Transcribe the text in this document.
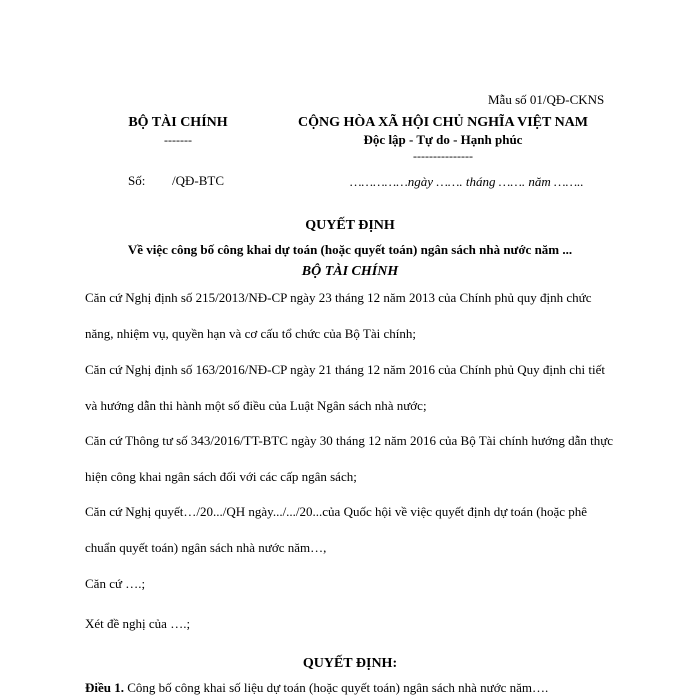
Mẫu số 01/QĐ-CKNS
BỘ TÀI CHÍNH
-------
CỘNG HÒA XÃ HỘI CHỦ NGHĨA VIỆT NAM
Độc lập - Tự do - Hạnh phúc
---------------
Số: /QĐ-BTC	……………ngày ……. tháng ……. năm ……..
QUYẾT ĐỊNH
Về việc công bố công khai dự toán (hoặc quyết toán) ngân sách nhà nước năm ...
BỘ TÀI CHÍNH
Căn cứ Nghị định số 215/2013/NĐ-CP ngày 23 tháng 12 năm 2013 của Chính phủ quy định chức năng, nhiệm vụ, quyền hạn và cơ cấu tổ chức của Bộ Tài chính;
Căn cứ Nghị định số 163/2016/NĐ-CP ngày 21 tháng 12 năm 2016 của Chính phủ Quy định chi tiết và hướng dẫn thi hành một số điều của Luật Ngân sách nhà nước;
Căn cứ Thông tư số 343/2016/TT-BTC ngày 30 tháng 12 năm 2016 của Bộ Tài chính hướng dẫn thực hiện công khai ngân sách đối với các cấp ngân sách;
Căn cứ Nghị quyết…/20.../QH ngày.../.../20...của Quốc hội về việc quyết định dự toán (hoặc phê chuẩn quyết toán) ngân sách nhà nước năm…,
Căn cứ ….;
Xét đề nghị của ….;
QUYẾT ĐỊNH:
Điều 1. Công bố công khai số liệu dự toán (hoặc quyết toán) ngân sách nhà nước năm….
